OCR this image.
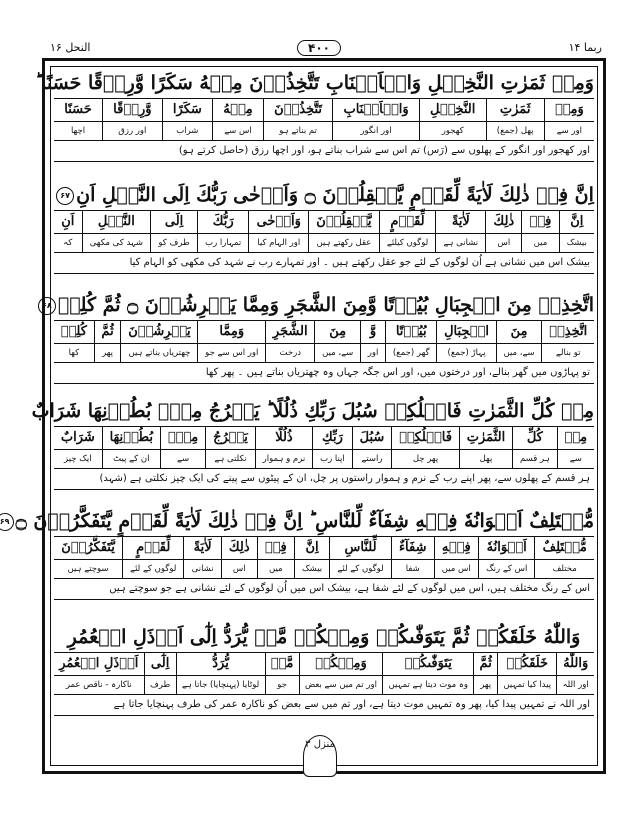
ربما ۱۴
۴۰۰
النحل ۱۶
وَمِنۡ ثَمَرٰتِ النَّخِيۡلِ وَالۡاَعۡنَابِ تَتَّخِذُوۡنَ مِنۡهُ سَكَرًا وَّرِزۡقًا حَسَنًا ؕ
وَمِنۡ
اور سے
ثَمَرٰتِ
پھل (جمع)
النَّخِيۡلِ
کھجور
وَالۡاَعۡنَابِ
اور انگور
تَتَّخِذُوۡنَ
تم بناتے ہو
مِنۡهُ
اس سے
سَكَرًا
شراب
وَّرِزۡقًا
اور رزق
حَسَنًا
اچھا
اور کھجور اور انگور کے پھلوں سے (رَس) تم اس سے شراب بناتے ہو، اور اچھا رزق (حاصل کرتے ہو)
اِنَّ فِيۡ ذٰلِكَ لَاٰيَةً لِّقَوۡمٍ يَّعۡقِلُوۡنَ ۝ وَاَوۡحٰى رَبُّكَ اِلَى النَّحۡلِ اَنِ۶۷
اِنَّ
بیشک
فِيۡ
میں
ذٰلِكَ
اس
لَاٰيَةً
نشانی ہے
لِّقَوۡمٍ
لوگوں کیلئے
يَّعۡقِلُوۡنَ
عقل رکھتے ہیں
وَاَوۡحٰى
اور الہام کیا
رَبُّكَ
تمہارا رب
اِلَى
طرف کو
النَّحۡلِ
شہد کی مکھی
اَنِ
کہ
بیشک اس میں نشانی ہے اُن لوگوں کے لئے جو عقل رکھتے ہیں ۔ اور تمہارے رب نے شہد کی مکھی کو الہام کیا
اتَّخِذِيۡ مِنَ الۡجِبَالِ بُيُوۡتًا وَّمِنَ الشَّجَرِ وَمِمَّا يَعۡرِشُوۡنَ ۝ ثُمَّ كُلِيۡ۶۸
اتَّخِذِيۡ
تو بنالے
مِنَ
سے، میں
الۡجِبَالِ
پہاڑ (جمع)
بُيُوۡتًا
گھر (جمع)
وَّ
اور
مِنَ
سے، میں
الشَّجَرِ
درخت
وَمِمَّا
اور اس سے جو
يَعۡرِشُوۡنَ
چھتریاں بناتے ہیں
ثُمَّ
پھر
كُلِيۡ
کھا
تو پہاڑوں میں گھر بنالے، اور درختوں میں، اور اس جگہ جہاں وہ چھتریاں بناتے ہیں ۔ پھر کھا
مِنۡ كُلِّ الثَّمَرٰتِ فَاسۡلُكِيۡ سُبُلَ رَبِّكِ ذُلُلًا ؕ يَخۡرُجُ مِنۡۢ بُطُوۡنِهَا شَرَابٌ
مِنۡ
سے
كُلِّ
ہر قسم
الثَّمَرٰتِ
پھل
فَاسۡلُكِيۡ
پھر چل
سُبُلَ
راستے
رَبِّكِ
اپنا رب
ذُلُلًا
نرم و ہموار
يَخۡرُجُ
نکلتی ہے
مِنۡۢ
سے
بُطُوۡنِهَا
ان کے پیٹ
شَرَابٌ
ایک چیز
ہر قسم کے پھلوں سے، پھر اپنے رب کے نرم و ہموار راستوں پر چل، ان کے پیٹوں سے پینے کی ایک چیز نکلتی ہے (شہد)
مُّخۡتَلِفٌ اَلۡوَانُهٗ فِيۡهِ شِفَآءٌ لِّلنَّاسِ ؕ اِنَّ فِيۡ ذٰلِكَ لَاٰيَةً لِّقَوۡمٍ يَّتَفَكَّرُوۡنَ ۝۶۹
مُّخۡتَلِفٌ
مختلف
اَلۡوَانُهٗ
اس کے رنگ
فِيۡهِ
اس میں
شِفَآءٌ
شفا
لِّلنَّاسِ
لوگوں کے لئے
اِنَّ
بیشک
فِيۡ
میں
ذٰلِكَ
اس
لَاٰيَةً
نشانی
لِّقَوۡمٍ
لوگوں کے لئے
يَّتَفَكَّرُوۡنَ
سوچتے ہیں
اس کے رنگ مختلف ہیں، اس میں لوگوں کے لئے شفا ہے، بیشک اس میں اُن لوگوں کے لئے نشانی ہے جو سوچتے ہیں
وَاللّٰهُ خَلَقَكُمۡ ثُمَّ يَتَوَفّٰٮكُمۡ وَمِنۡكُمۡ مَّنۡ يُّرَدُّ اِلٰٓى اَرۡذَلِ الۡعُمُرِ
وَاللّٰهُ
اور اللہ
خَلَقَكُمۡ
پیدا کیا تمہیں
ثُمَّ
پھر
يَتَوَفّٰٮكُمۡ
وہ موت دیتا ہے تمہیں
وَمِنۡكُمۡ
اور تم میں سے بعض
مَّنۡ
جو
يُّرَدُّ
لوٹایا (پہنچایا) جاتا ہے
اِلٰٓى
طرف
اَرۡذَلِ الۡعُمُرِ
ناکارہ - ناقص عمر
اور اللہ نے تمہیں پیدا کیا، پھر وہ تمہیں موت دیتا ہے، اور تم میں سے بعض کو ناکارہ عمر کی طرف پہنچایا جاتا ہے
منزل ۳
